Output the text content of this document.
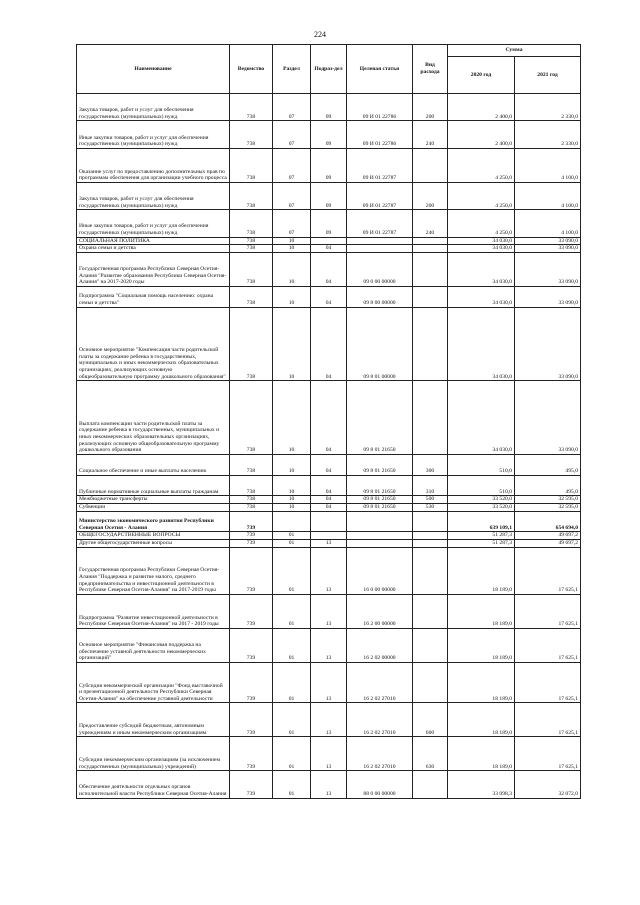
224
Наименование	Ведомство	Раздел	Подраз-дел	Целевая статья	Вид расхода	Сумма	
						2020 год	2021 год
Закупка товаров, работ и услуг для обеспечения государственных (муниципальных) нужд	738	07	09	09 И 01 22786	200	2 400,0	2 330,0
Иные закупки товаров, работ и услуг для обеспечения государственных (муниципальных) нужд	738	07	09	09 И 01 22786	240	2 400,0	2 330,0
Оказание услуг по предоставлению дополнительных прав по программам обеспечения для организации учебного процесса	738	07	09	09 И 01 22787		4 250,0	4 100,0
Закупка товаров, работ и услуг для обеспечения государственных (муниципальных) нужд	738	07	09	09 И 01 22787	200	4 250,0	4 100,0
Иные закупки товаров, работ и услуг для обеспечения государственных (муниципальных) нужд	738	07	09	09 И 01 22787	240	4 250,0	4 100,0
СОЦИАЛЬНАЯ ПОЛИТИКА	738	10				34 030,0	33 090,0
Охрана семьи и детства	738	10	04			34 030,0	33 090,0
Государственная программа Республики Северная Осетия-Алания "Развитие образования Республики Северная Осетия-Алания" на 2017-2020 годы	738	10	04	09 0 00 00000		34 030,0	33 090,0
Подпрограмма "Социальная помощь населению: охрана семьи и детства"	738	10	04	09 8 00 00000		34 030,0	33 090,0
Основное мероприятие "Компенсация части родительской платы за содержание ребенка в государственных, муниципальных и иных некоммерческих образовательных организациях, реализующих основную общеобразовательную программу дошкольного образования"	738	10	04	09 8 01 00000		34 030,0	33 090,0
Выплата компенсации части родительской платы за содержание ребенка в государственных, муниципальных и иных некоммерческих образовательных организациях, реализующих основную общеобразовательную программу дошкольного образования	738	10	04	09 8 01 21650		34 030,0	33 090,0
Социальное обеспечение и иные выплаты населению	738	10	04	09 8 01 21650	300	510,0	495,0
Публичные нормативные социальные выплаты гражданам	738	10	04	09 8 01 21650	310	510,0	495,0
Межбюджетные трансферты	738	10	04	09 8 01 21650	500	33 520,0	32 595,0
Субвенции	738	10	04	09 8 01 21650	530	33 520,0	32 595,0
Министерство экономического развития Республики Северная Осетия - Алания	739					639 109,1	654 694,0
ОБЩЕГОСУДАРСТВЕННЫЕ ВОПРОСЫ	739	01				51 287,3	49 697,2
Другие общегосударственные вопросы	739	01	13			51 287,3	49 697,2
Государственная программа Республики Северная Осетия-Алания "Поддержка и развитие малого, среднего предпринимательства и инвестиционной деятельности в Республике Северная Осетия-Алания" на 2017-2019 годы	739	01	13	16 0 00 00000		18 189,0	17 625,1
Подпрограмма "Развитие инвестиционной деятельности в Республике Северная Осетия-Алания" на 2017 - 2019 годы	739	01	13	16 2 00 00000		18 189,0	17 625,1
Основное мероприятие "Финансовая поддержка на обеспечение уставной деятельности некоммерческих организаций"	739	01	13	16 2 02 00000		18 189,0	17 625,1
Субсидия некоммерческой организации "Фонд выставочной и презентационной деятельности Республики Северная Осетия-Алания" на обеспечение уставной деятельности	739	01	13	16 2 02 27010		18 189,0	17 625,1
Предоставление субсидий бюджетным, автономным учреждениям и иным некоммерческим организациям	739	01	13	16 2 02 27010	600	18 189,0	17 625,1
Субсидии некоммерческим организациям (за исключением государственных (муниципальных) учреждений)	739	01	13	16 2 02 27010	630	18 189,0	17 625,1
Обеспечение деятельности отдельных органов исполнительной власти Республики Северная Осетия-Алания	739	01	13	88 0 00 00000		33 098,3	32 072,0
